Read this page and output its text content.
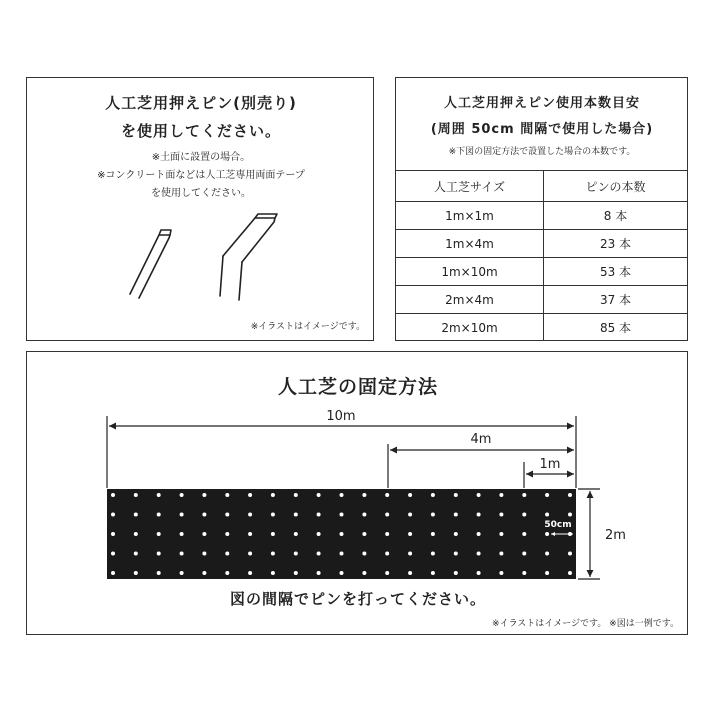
人工芝用押えピン(別売り)
を使用してください。
※土面に設置の場合。
※コンクリート面などは人工芝専用両面テープ
を使用してください。
※イラストはイメージです。
人工芝用押えピン使用本数目安
(周囲 50cm 間隔で使用した場合)
※下図の固定方法で設置した場合の本数です。
人工芝サイズ	ピンの本数
1m×1m	8 本
1m×4m	23 本
1m×10m	53 本
2m×4m	37 本
2m×10m	85 本
人工芝の固定方法
10m
4m
1m
50cm
2m
図の間隔でピンを打ってください。
※イラストはイメージです。 ※図は一例です。
